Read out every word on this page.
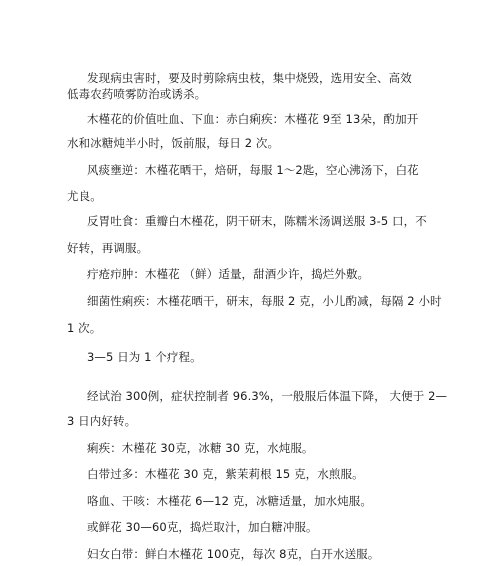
发现病虫害时，要及时剪除病虫枝，集中烧毁，选用安全、高效
低毒农药喷雾防治或诱杀。
木槿花的价值吐血、下血：赤白痢疾：木槿花 9至 13朵，酌加开
水和冰糖炖半小时，饭前服，每日 2 次。
风痰壅逆：木槿花晒干，焙研，每服 1～2匙，空心沸汤下，白花
尤良。
反胃吐食：重瓣白木槿花，阴干研末，陈糯米汤调送服 3-5 口，不
好转，再调服。
疔疮疖肿：木槿花 （鲜）适量，甜酒少许，捣烂外敷。
细菌性痢疾：木槿花晒干，研末，每服 2 克，小儿酌减，每隔 2 小时
1 次。
3—5 日为 1 个疗程。
经试治 300例，症状控制者 96.3%，一般服后体温下降， 大便于 2—
3 日内好转。
痢疾：木槿花 30克，冰糖 30 克，水炖服。
白带过多：木槿花 30 克，紫茉莉根 15 克，水煎服。
咯血、干咳：木槿花 6—12 克，冰糖适量，加水炖服。
或鲜花 30—60克，捣烂取汁，加白糖冲服。
妇女白带：鲜白木槿花 100克，每次 8克，白开水送服。
